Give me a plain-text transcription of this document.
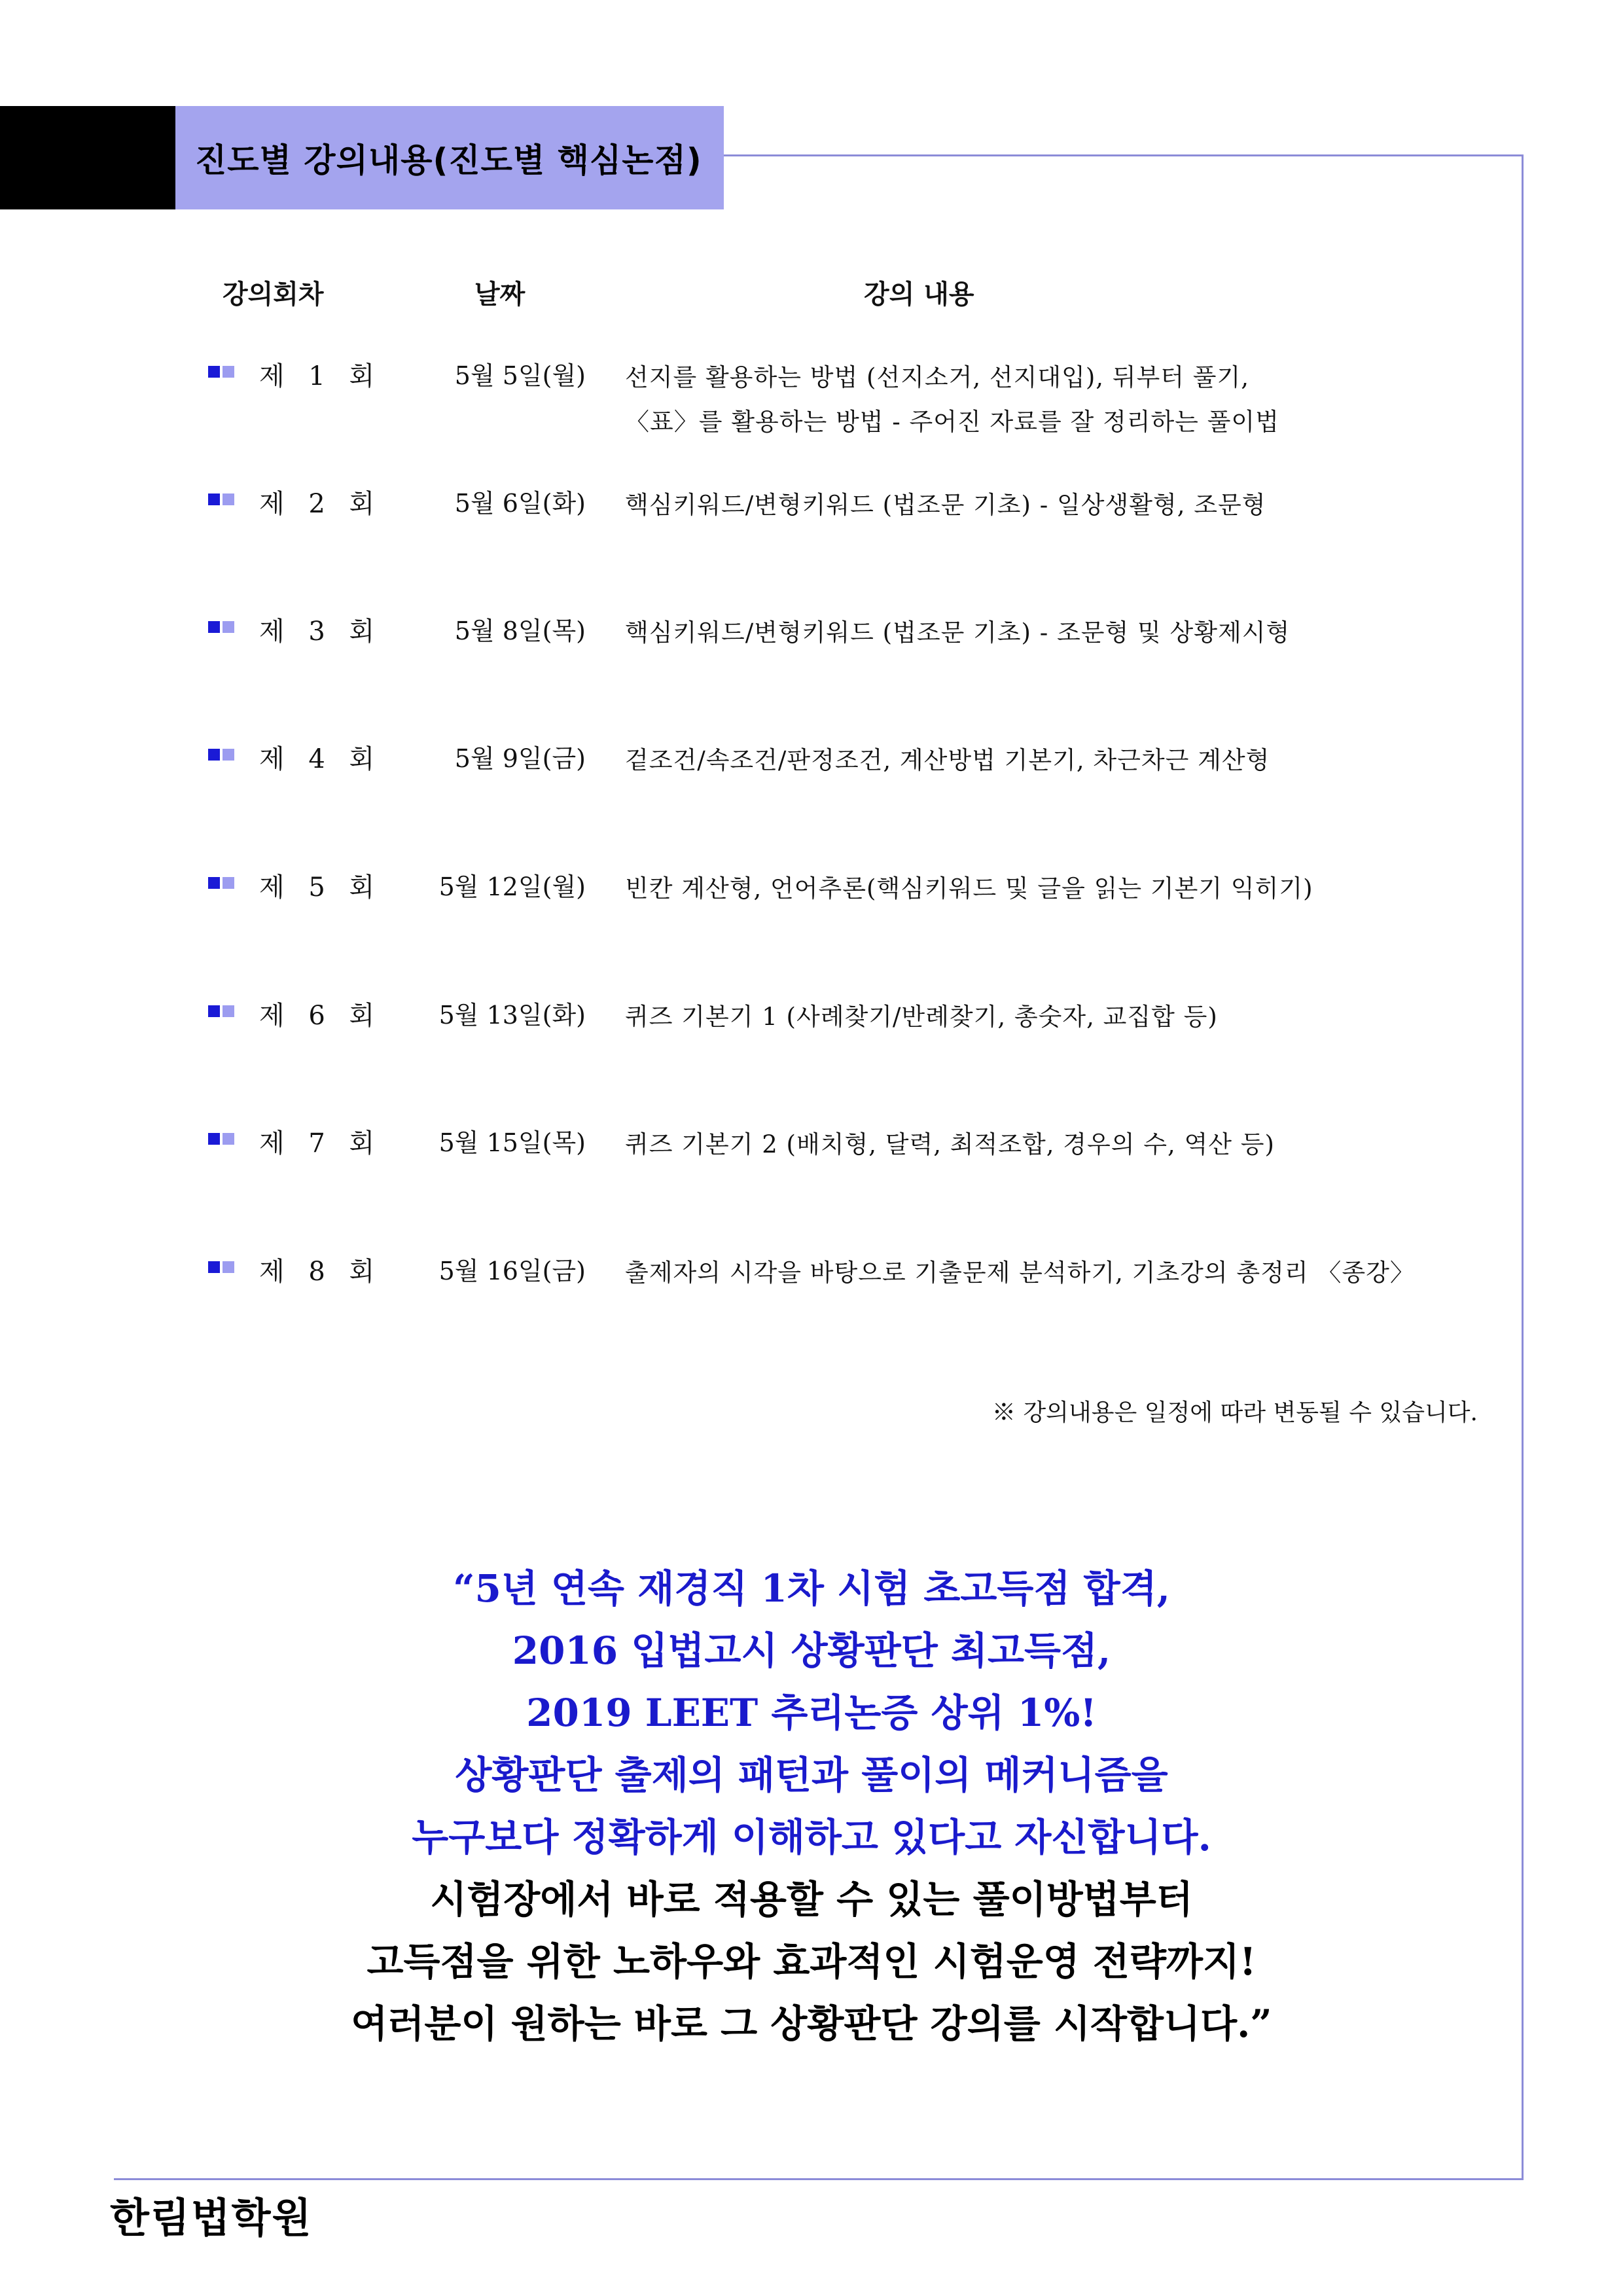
진도별 강의내용(진도별 핵심논점)
강의회차	날짜	강의 내용
제 1 회	5월 5일(월) 선지를 활용하는 방법 (선지소거, 선지대입), 뒤부터 풀기,
〈표〉를 활용하는 방법 - 주어진 자료를 잘 정리하는 풀이법
제 2 회	5월 6일(화) 핵심키워드/변형키워드 (법조문 기초) - 일상생활형, 조문형
제 3 회	5월 8일(목) 핵심키워드/변형키워드 (법조문 기초) - 조문형 및 상황제시형
제 4 회	5월 9일(금) 겉조건/속조건/판정조건, 계산방법 기본기, 차근차근 계산형
제 5 회	5월 12일(월) 빈칸 계산형, 언어추론(핵심키워드 및 글을 읽는 기본기 익히기)
제 6 회	5월 13일(화) 퀴즈 기본기 1 (사례찾기/반례찾기, 총숫자, 교집합 등)
제 7 회	5월 15일(목) 퀴즈 기본기 2 (배치형, 달력, 최적조합, 경우의 수, 역산 등)
제 8 회	5월 16일(금) 출제자의 시각을 바탕으로 기출문제 분석하기, 기초강의 총정리 〈종강〉
※ 강의내용은 일정에 따라 변동될 수 있습니다.
“5년 연속 재경직 1차 시험 초고득점 합격,
2016 입법고시 상황판단 최고득점,
2019 LEET 추리논증 상위 1%!
상황판단 출제의 패턴과 풀이의 메커니즘을
누구보다 정확하게 이해하고 있다고 자신합니다.
시험장에서 바로 적용할 수 있는 풀이방법부터
고득점을 위한 노하우와 효과적인 시험운영 전략까지!
여러분이 원하는 바로 그 상황판단 강의를 시작합니다.”
한림법학원
